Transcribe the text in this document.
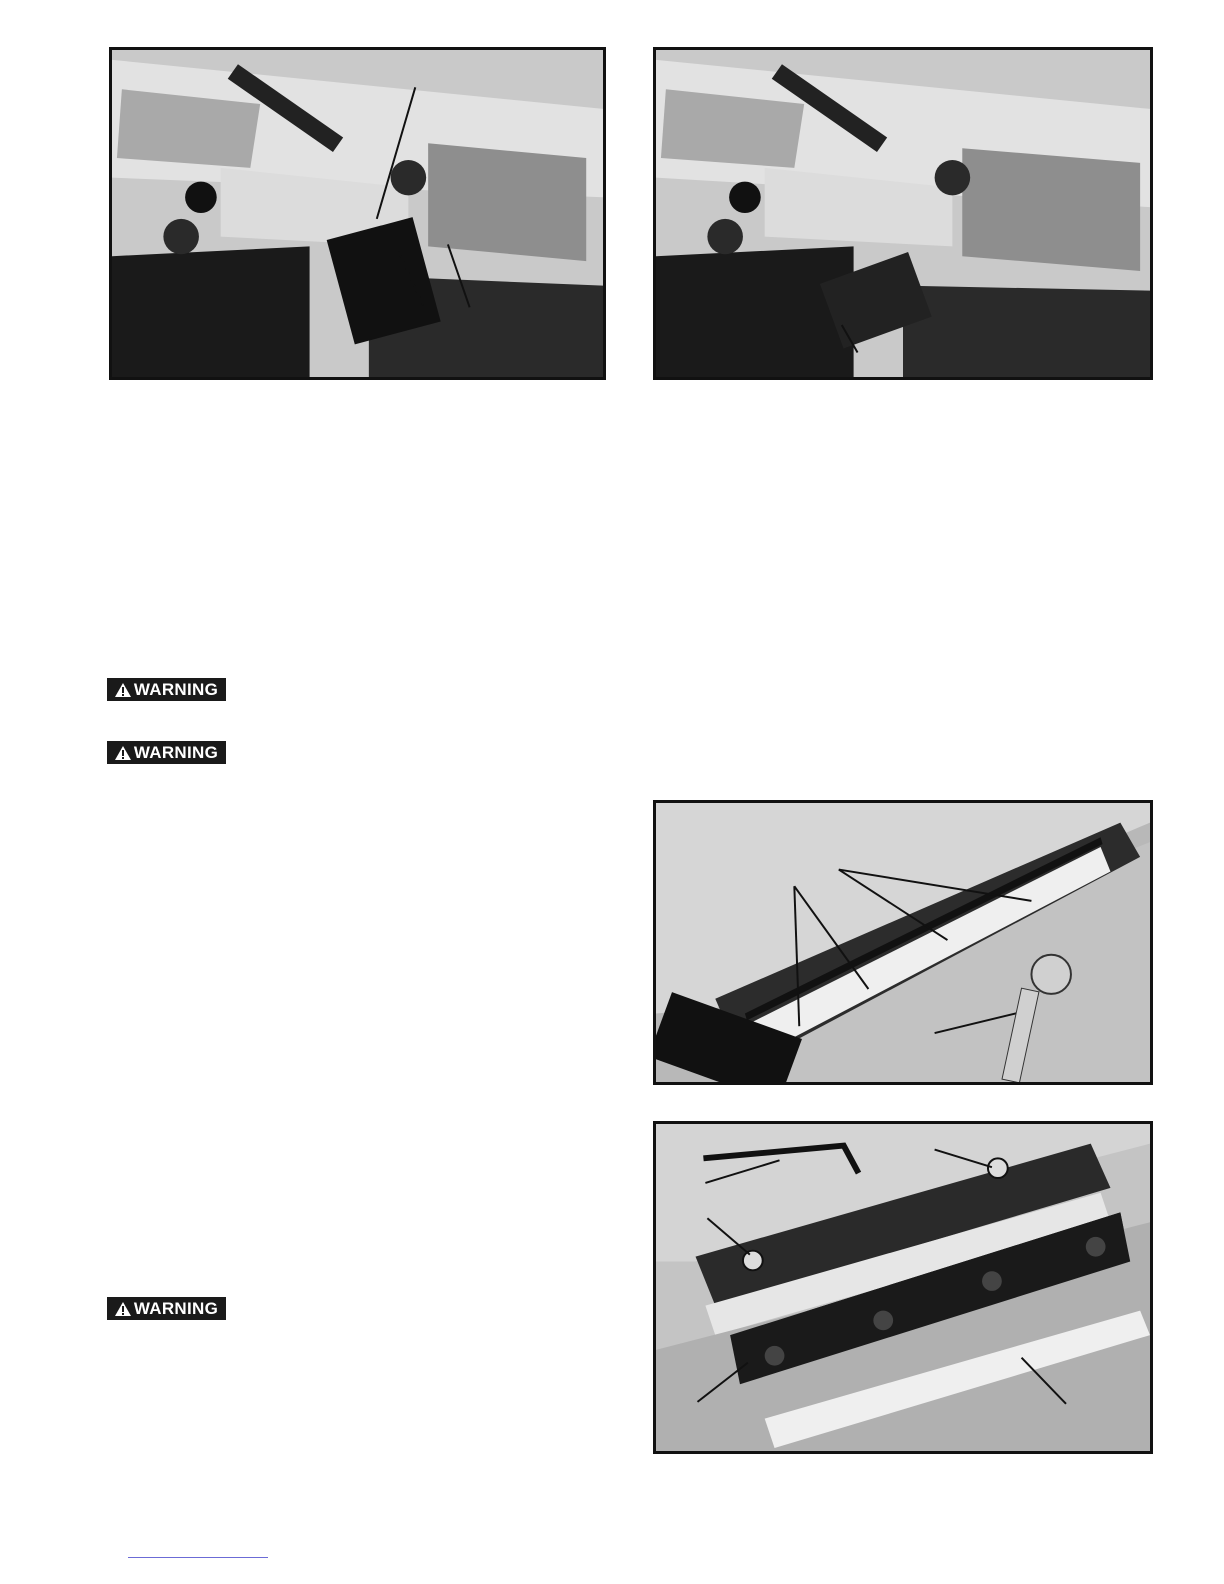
WARNING
WARNING
WARNING
